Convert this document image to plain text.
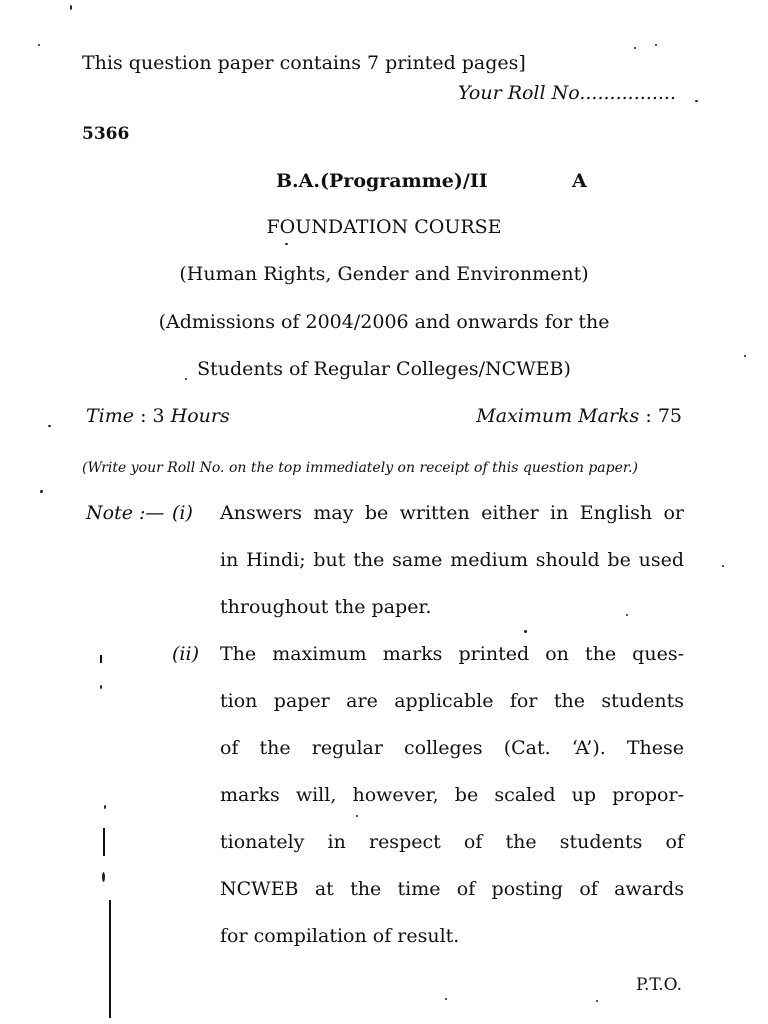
This question paper contains 7 printed pages]
Your Roll No................
5366
B.A.(Programme)/II	A
FOUNDATION COURSE
(Human Rights, Gender and Environment)
(Admissions of 2004/2006 and onwards for the
Students of Regular Colleges/NCWEB)
Time : 3 Hours	Maximum Marks : 75
(Write your Roll No. on the top immediately on receipt of this question paper.)
Note :— (i) Answers may be written either in English or
in Hindi; but the same medium should be used
throughout the paper.
(ii) The maximum marks printed on the ques-
tion paper are applicable for the students
of the regular colleges (Cat. ‘A’). These
marks will, however, be scaled up propor-
tionately in respect of the students of
NCWEB at the time of posting of awards
for compilation of result.
P.T.O.
